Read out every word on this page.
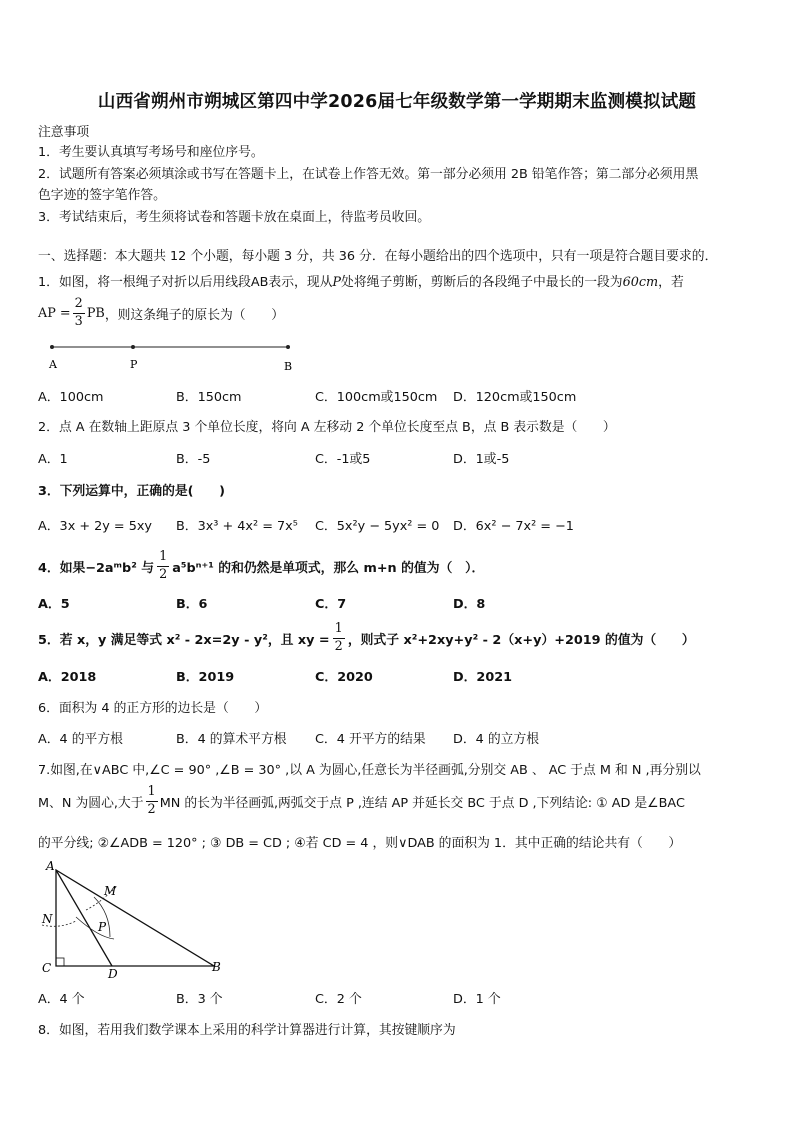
山西省朔州市朔城区第四中学2026届七年级数学第一学期期末监测模拟试题
注意事项
1．考生要认真填写考场号和座位序号。
2．试题所有答案必须填涂或书写在答题卡上，在试卷上作答无效。第一部分必须用 2B 铅笔作答；第二部分必须用黑
色字迹的签字笔作答。
3．考试结束后，考生须将试卷和答题卡放在桌面上，待监考员收回。
一、选择题：本大题共 12 个小题，每小题 3 分，共 36 分．在每小题给出的四个选项中，只有一项是符合题目要求的．
1．如图，将一根绳子对折以后用线段AB表示，现从P处将绳子剪断，剪断后的各段绳子中最长的一段为60cm，若
AP = $\frac{2}{3}$ PB ，则这条绳子的原长为（　　）
A	P	B
A．100cm	B．150cm	C．100cm或150cm D．120cm或150cm
2．点 A 在数轴上距原点 3 个单位长度，将向 A 左移动 2 个单位长度至点 B，点 B 表示数是（　　）
A．1	B．-5	C．-1或5	D．1或-5
3．下列运算中，正确的是(　　)
A．3x + 2y = 5xy B．3x³ + 4x² = 7x⁵ C．5x²y − 5yx² = 0 D．6x² − 7x² = −1
4．如果−2aᵐb² 与 $\frac{1}{2} a^5b^{n+1}$ 的和仍然是单项式，那么 m+n 的值为（　）．
A．5	B．6	C．7	D．8
5．若 x，y 满足等式 x² - 2x=2y - y²，且 xy = $\frac{1}{2}$ ，则式子 x²+2xy+y² - 2（x+y）+2019 的值为（　　）
A．2018	B．2019	C．2020	D．2021
6．面积为 4 的正方形的边长是（　　）
A．4 的平方根	B．4 的算术平方根 C．4 开平方的结果 D．4 的立方根
7.如图,在∨ABC 中,∠C = 90° ,∠B = 30° ,以 A 为圆心,任意长为半径画弧,分别交 AB 、 AC 于点 M 和 N ,再分别以
M、N 为圆心,大于 $\frac{1}{2}$ MN 的长为半径画弧,两弧交于点 P ,连结 AP 并延长交 BC 于点 D ,下列结论: ① AD 是∠BAC
的平分线; ②∠ADB = 120° ; ③ DB = CD ; ④若 CD = 4 ，则∨DAB 的面积为 1．其中正确的结论共有（　　）
A
M
N
P
C	D	B
A．4 个	B．3 个	C．2 个	D．1 个
8．如图，若用我们数学课本上采用的科学计算器进行计算，其按键顺序为
